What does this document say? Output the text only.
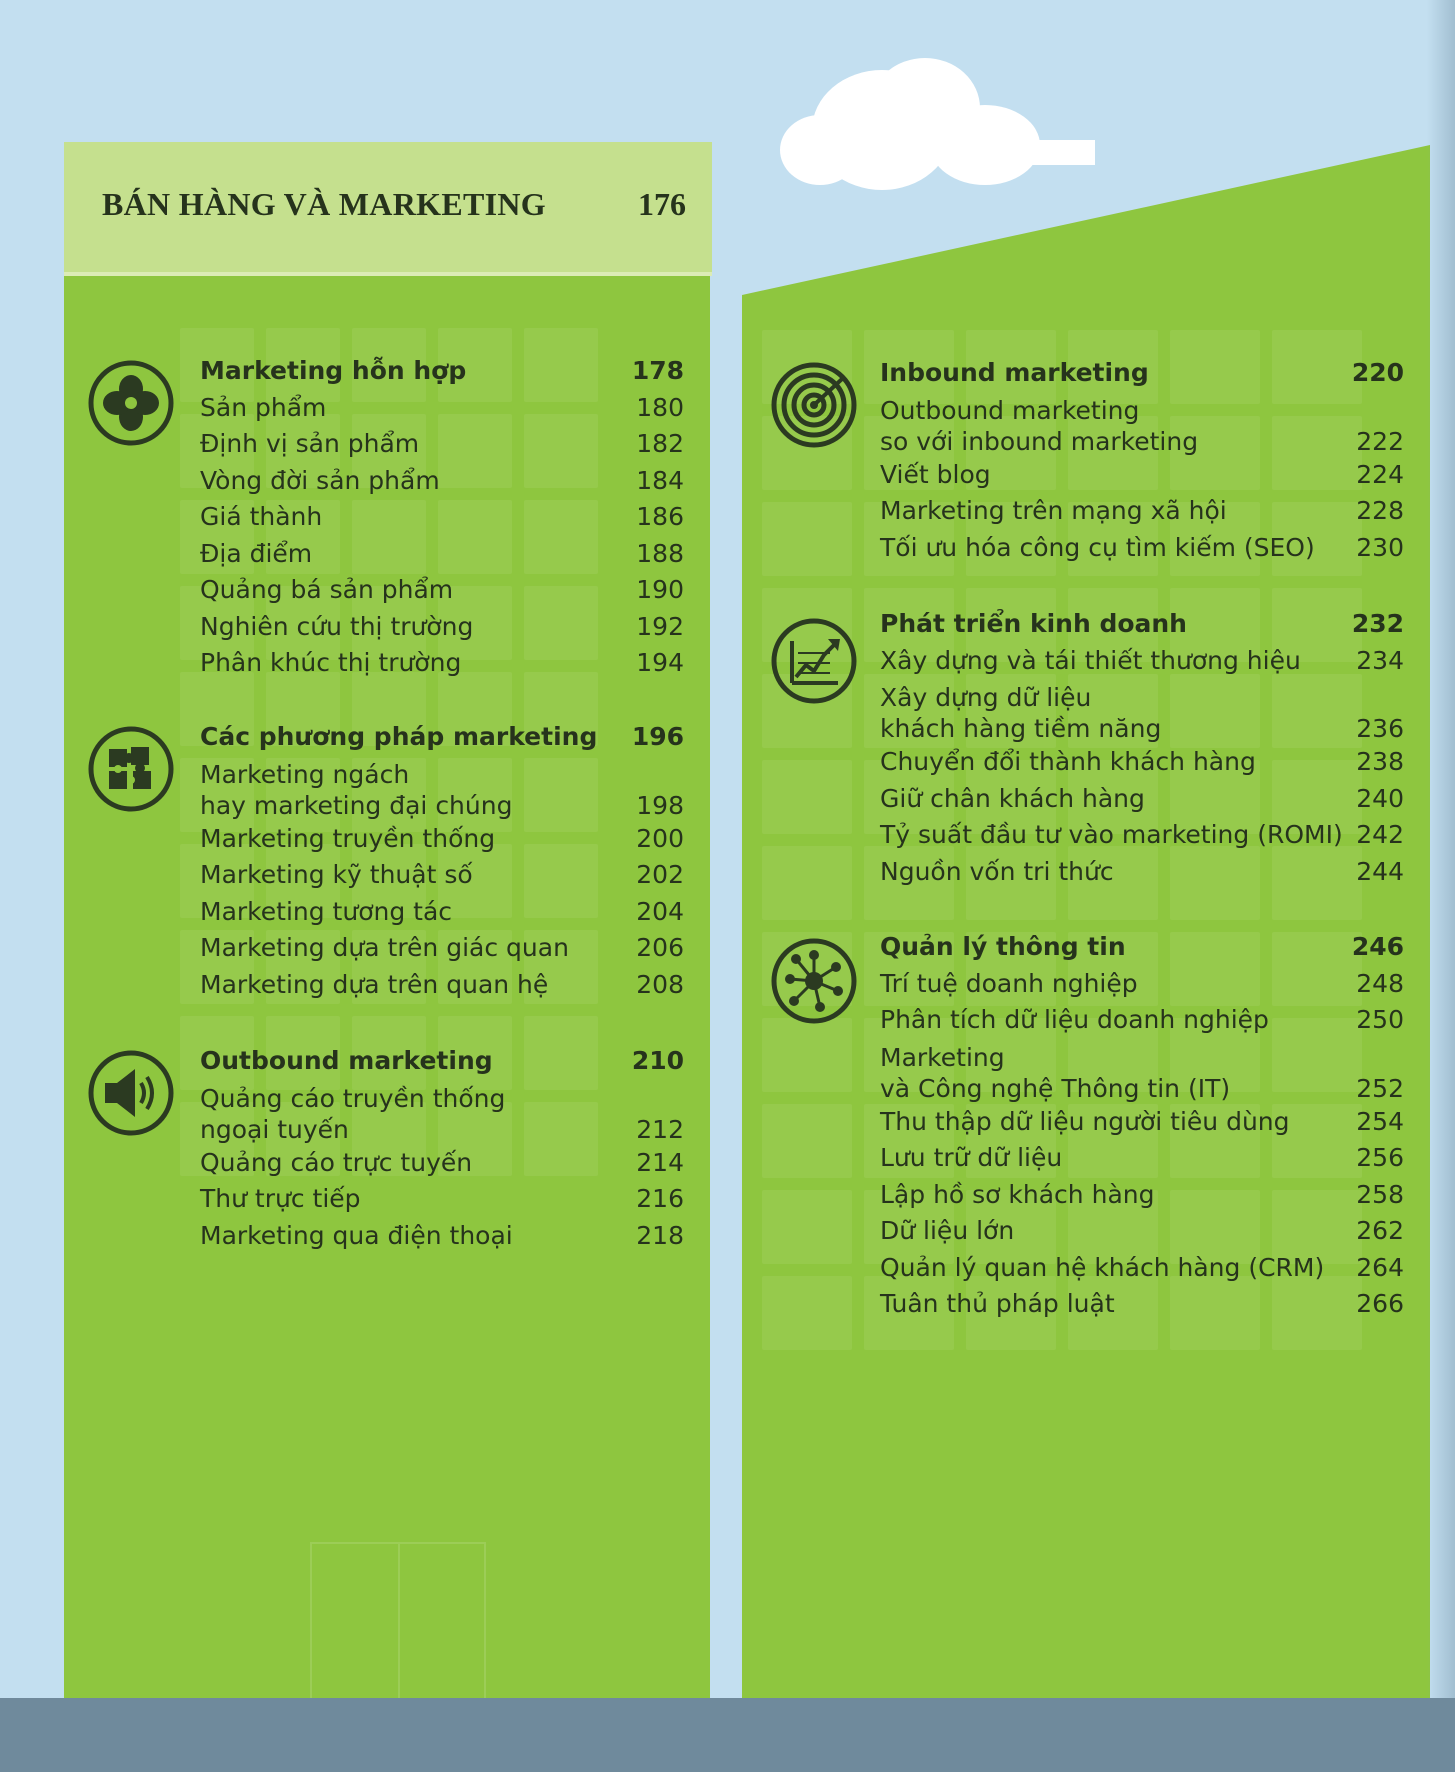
BÁN HÀNG VÀ MARKETING	176
Marketing hỗn hợp	178
Sản phẩm	180
Định vị sản phẩm	182
Vòng đời sản phẩm	184
Giá thành	186
Địa điểm	188
Quảng bá sản phẩm	190
Nghiên cứu thị trường	192
Phân khúc thị trường	194
Các phương pháp marketing	196
Marketing ngách
hay marketing đại chúng	198
Marketing truyền thống	200
Marketing kỹ thuật số	202
Marketing tương tác	204
Marketing dựa trên giác quan	206
Marketing dựa trên quan hệ	208
Outbound marketing	210
Quảng cáo truyền thống
ngoại tuyến	212
Quảng cáo trực tuyến	214
Thư trực tiếp	216
Marketing qua điện thoại	218
Inbound marketing	220
Outbound marketing
so với inbound marketing	222
Viết blog	224
Marketing trên mạng xã hội	228
Tối ưu hóa công cụ tìm kiếm (SEO)	230
Phát triển kinh doanh	232
Xây dựng và tái thiết thương hiệu	234
Xây dựng dữ liệu
khách hàng tiềm năng	236
Chuyển đổi thành khách hàng	238
Giữ chân khách hàng	240
Tỷ suất đầu tư vào marketing (ROMI) 242
Nguồn vốn tri thức	244
Quản lý thông tin	246
Trí tuệ doanh nghiệp	248
Phân tích dữ liệu doanh nghiệp	250
Marketing
và Công nghệ Thông tin (IT)	252
Thu thập dữ liệu người tiêu dùng	254
Lưu trữ dữ liệu	256
Lập hồ sơ khách hàng	258
Dữ liệu lớn	262
Quản lý quan hệ khách hàng (CRM)	264
Tuân thủ pháp luật	266
